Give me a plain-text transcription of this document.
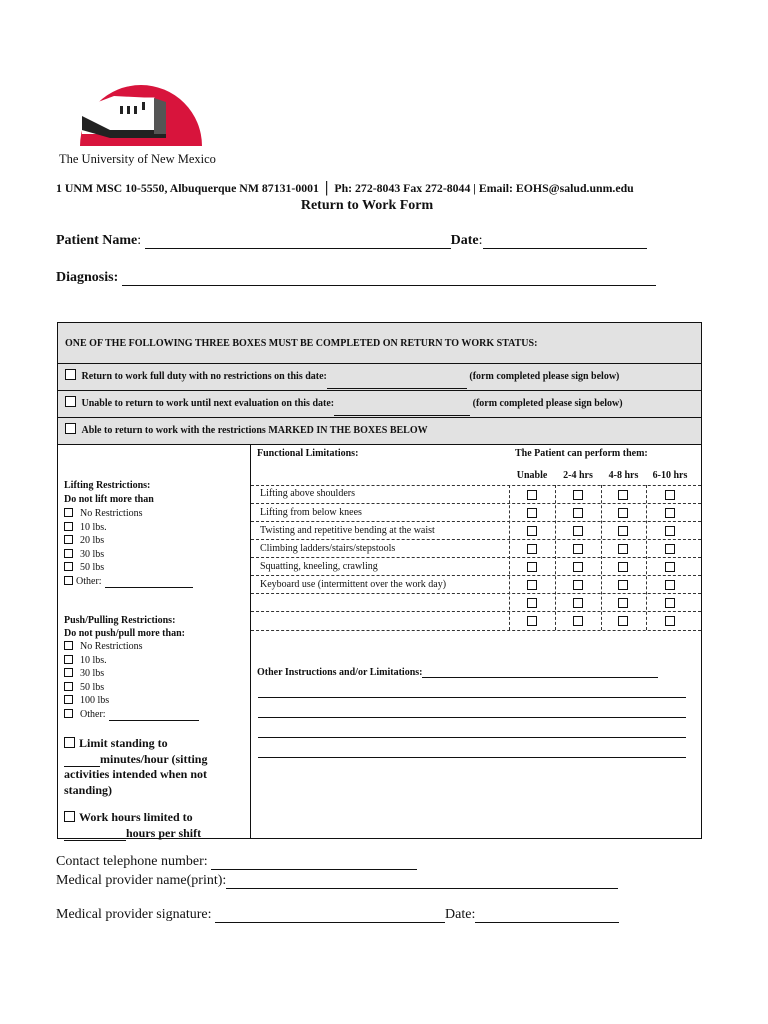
The University of New Mexico
1 UNM MSC 10-5550, Albuquerque NM 87131-0001 | Ph: 272-8043 Fax 272-8044 | Email: EOHS@salud.unm.edu
Return to Work Form
Patient Name:	Date:
Diagnosis:
ONE OF THE FOLLOWING THREE BOXES MUST BE COMPLETED ON RETURN TO WORK STATUS:
Return to work full duty with no restrictions on this date:	(form completed please sign below)
Unable to return to work until next evaluation on this date:	(form completed please sign below)
Able to return to work with the restrictions MARKED IN THE BOXES BELOW
Lifting Restrictions:
Do not lift more than
No Restrictions
10 lbs.
20 lbs
30 lbs
50 lbs
Other:
Push/Pulling Restrictions:
Do not push/pull more than:
No Restrictions
10 lbs.
30 lbs
50 lbs
100 lbs
Other:
Limit standing to
minutes/hour (sitting
activities intended when not
standing)
Work hours limited to
hours per shift
Functional Limitations:	The Patient can perform them:
Unable	2-4 hrs	4-8 hrs	6-10 hrs
Lifting above shoulders
Lifting from below knees
Twisting and repetitive bending at the waist
Climbing ladders/stairs/stepstools
Squatting, kneeling, crawling
Keyboard use (intermittent over the work day)
Other Instructions and/or Limitations:
Contact telephone number:
Medical provider name(print):
Medical provider signature:	Date:
